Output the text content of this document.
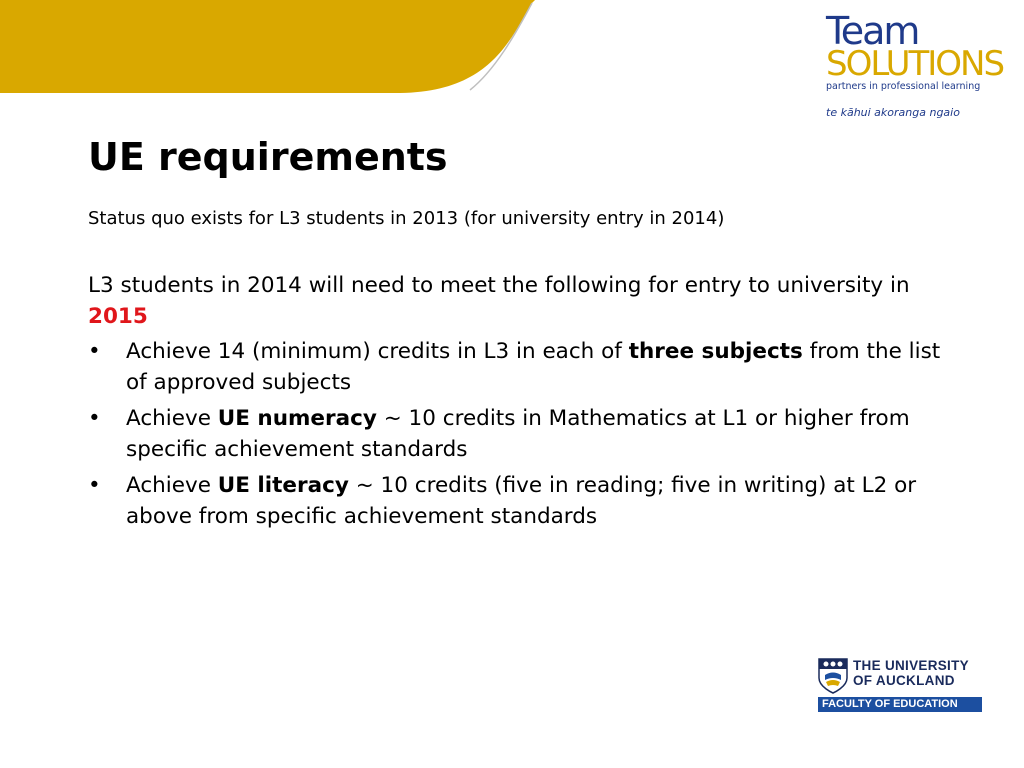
Team
SOLUTIONS
partners in professional learning
te kāhui akoranga ngaio
UE requirements
Status quo exists for L3 students in 2013 (for university entry in 2014)

L3 students in 2014 will need to meet the following for entry to university in 2015

• Achieve 14 (minimum) credits in L3 in each of three subjects from the list of approved subjects
• Achieve UE numeracy ~ 10 credits in Mathematics at L1 or higher from specific achievement standards
• Achieve UE literacy ~ 10 credits (five in reading; five in writing) at L2 or above from specific achievement standards
THE UNIVERSITY
OF AUCKLAND
FACULTY OF EDUCATION
